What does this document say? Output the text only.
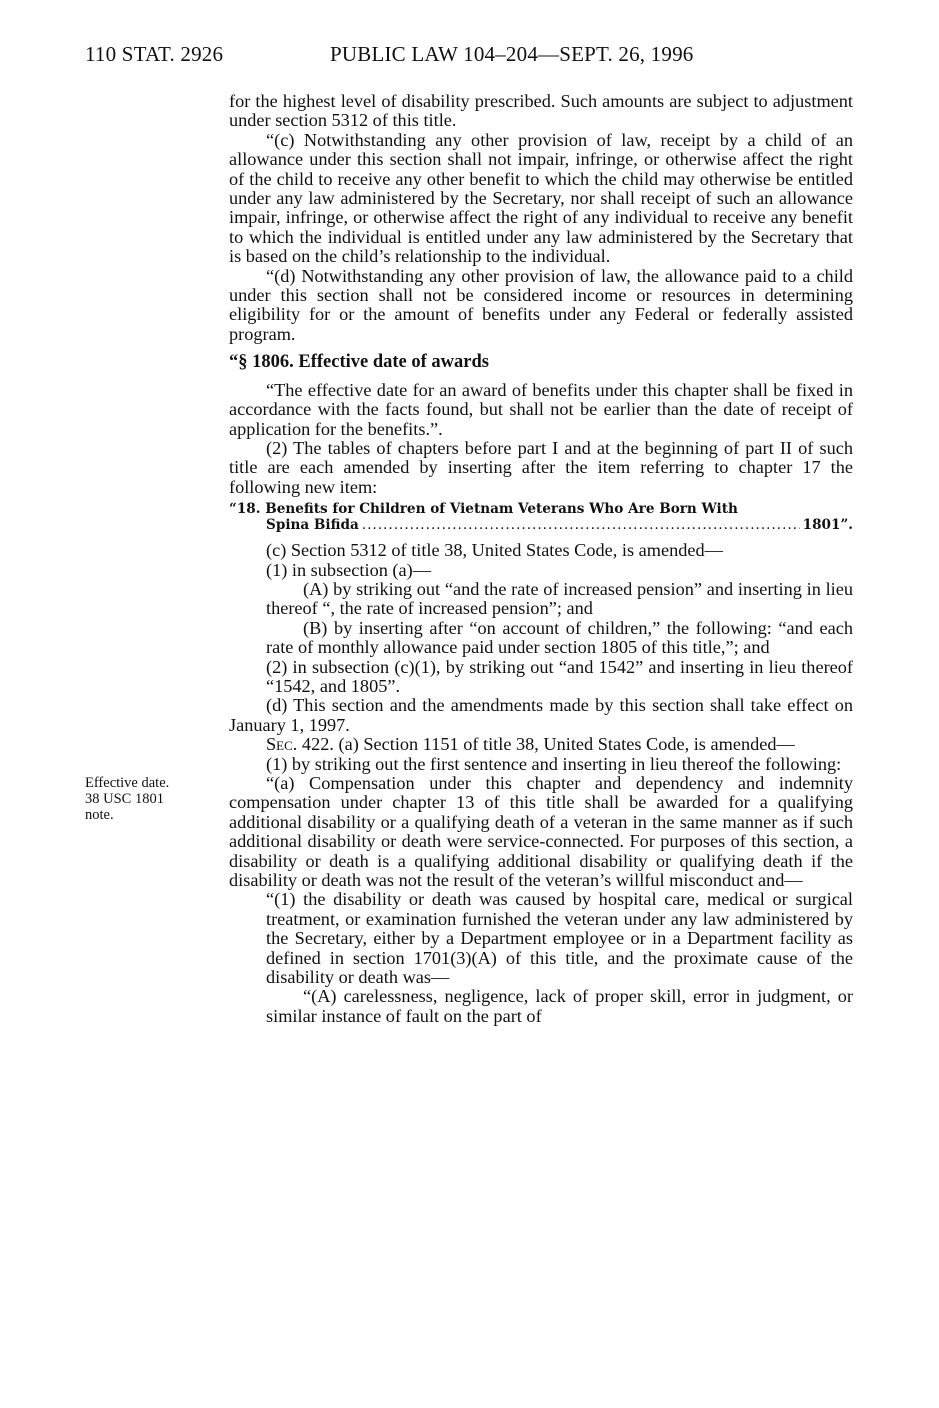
110 STAT. 2926	PUBLIC LAW 104–204—SEPT. 26, 1996
Effective date.
38 USC 1801
note.

for the highest level of disability prescribed. Such amounts are subject to adjustment under section 5312 of this title.

“(c) Notwithstanding any other provision of law, receipt by a child of an allowance under this section shall not impair, infringe, or otherwise affect the right of the child to receive any other benefit to which the child may otherwise be entitled under any law administered by the Secretary, nor shall receipt of such an allowance impair, infringe, or otherwise affect the right of any individual to receive any benefit to which the individual is entitled under any law administered by the Secretary that is based on the child’s relationship to the individual.

“(d) Notwithstanding any other provision of law, the allowance paid to a child under this section shall not be considered income or resources in determining eligibility for or the amount of benefits under any Federal or federally assisted program.

“§ 1806. Effective date of awards

“The effective date for an award of benefits under this chapter shall be fixed in accordance with the facts found, but shall not be earlier than the date of receipt of application for the benefits.”.

(2) The tables of chapters before part I and at the beginning of part II of such title are each amended by inserting after the item referring to chapter 17 the following new item:

“18. Benefits for Children of Vietnam Veterans Who Are Born With
Spina Bifida .....	1801”.

(c) Section 5312 of title 38, United States Code, is amended—

(1) in subsection (a)—

(A) by striking out “and the rate of increased pension” and inserting in lieu thereof “, the rate of increased pension”; and

(B) by inserting after “on account of children,” the following: “and each rate of monthly allowance paid under section 1805 of this title,”; and

(2) in subsection (c)(1), by striking out “and 1542” and inserting in lieu thereof “1542, and 1805”.

(d) This section and the amendments made by this section shall take effect on January 1, 1997.

Sec. 422. (a) Section 1151 of title 38, United States Code, is amended—

(1) by striking out the first sentence and inserting in lieu thereof the following:

“(a) Compensation under this chapter and dependency and indemnity compensation under chapter 13 of this title shall be awarded for a qualifying additional disability or a qualifying death of a veteran in the same manner as if such additional disability or death were service-connected. For purposes of this section, a disability or death is a qualifying additional disability or qualifying death if the disability or death was not the result of the veteran’s willful misconduct and—

“(1) the disability or death was caused by hospital care, medical or surgical treatment, or examination furnished the veteran under any law administered by the Secretary, either by a Department employee or in a Department facility as defined in section 1701(3)(A) of this title, and the proximate cause of the disability or death was—

“(A) carelessness, negligence, lack of proper skill, error in judgment, or similar instance of fault on the part of
